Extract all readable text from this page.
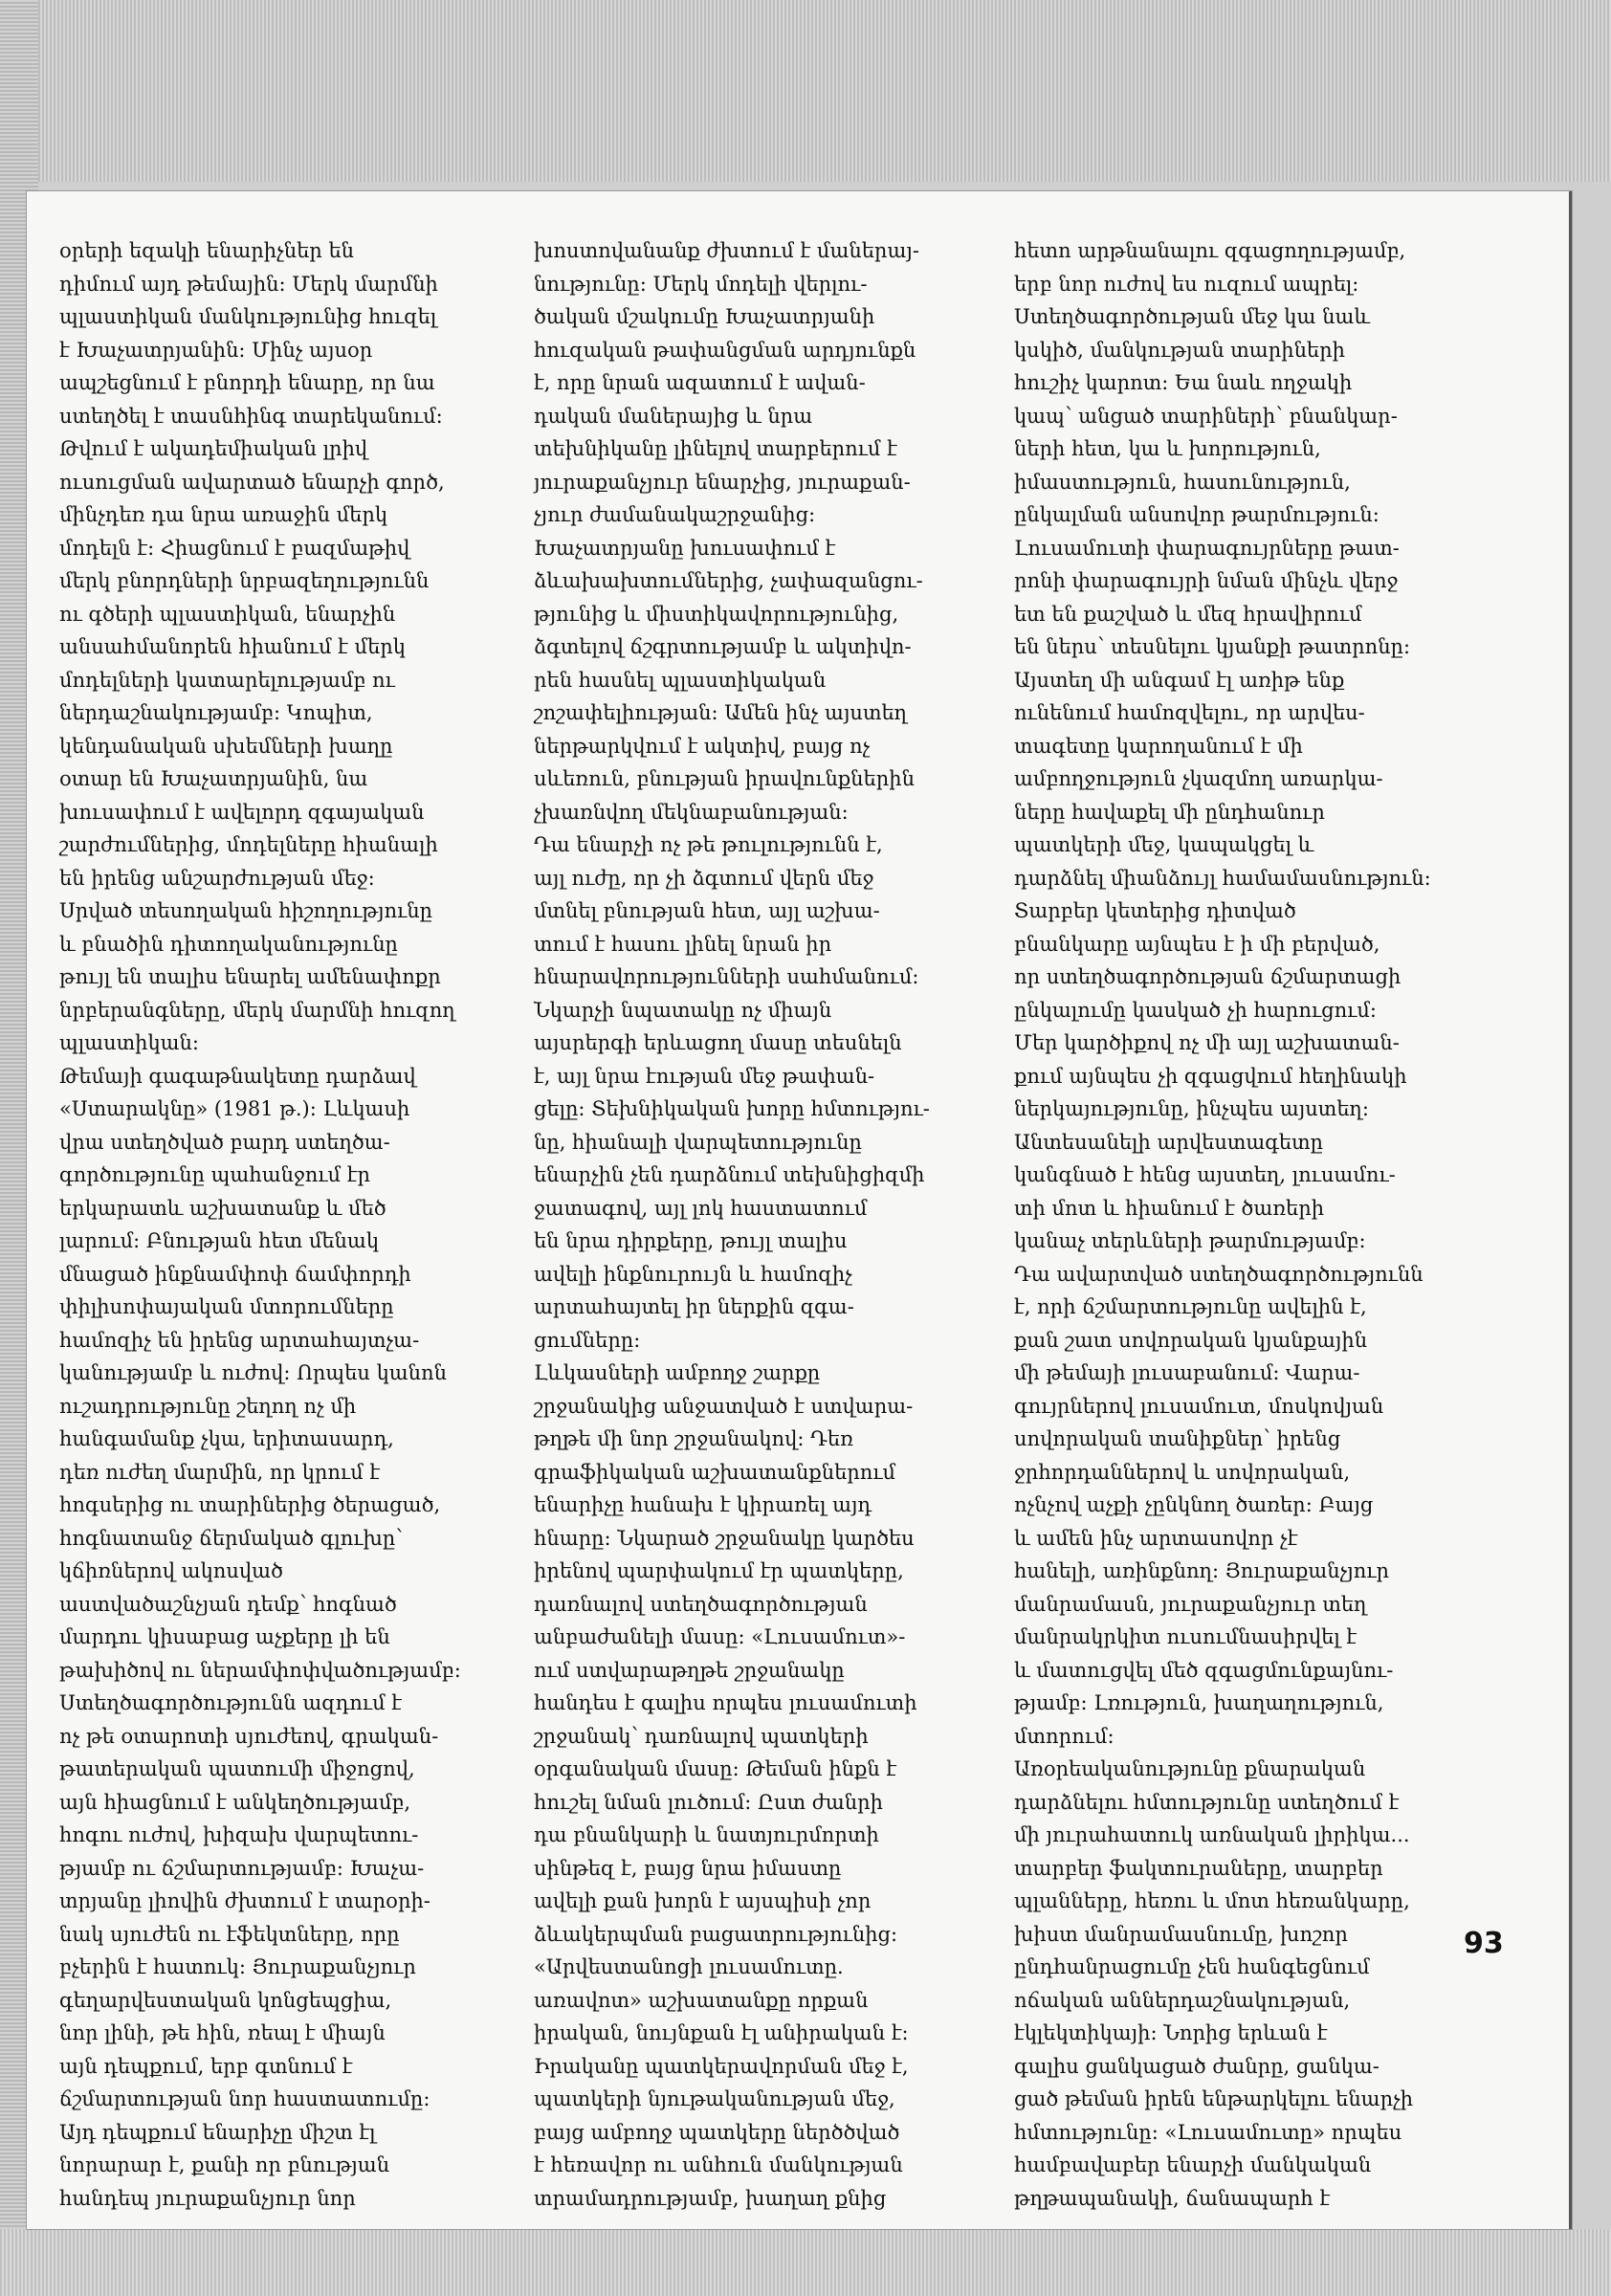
օրերի եզակի ենարիչներ են

դիմում այդ թեմային: Մերկ մարմնի

պլաստիկան մանկությունից հուզել

է Խաչատրյանին: Մինչ այսօր

ապշեցնում է բնորդի ենարը, որ նա

ստեղծել է տասնհինգ տարեկանում:

Թվում է ակադեմիական լրիվ

ուսուցման ավարտած ենարչի գործ,

մինչդեռ դա նրա առաջին մերկ

մոդելն է: Հիացնում է բազմաթիվ

մերկ բնորդների նրբազեղությունն

ու գծերի պլաստիկան, ենարչին

անսահմանորեն հիանում է մերկ

մոդելների կատարելությամբ ու

ներդաշնակությամբ: Կոպիտ,

կենդանական սխեմների խաղը

օտար են Խաչատրյանին, նա

խուսափում է ավելորդ զգայական

շարժումներից, մոդելները հիանալի

են իրենց անշարժության մեջ:

Սրված տեսողական հիշողությունը

և բնածին դիտողականությունը

թույլ են տալիս ենարել ամենափոքր

նրբերանգները, մերկ մարմնի հուզող

պլաստիկան:

Թեմայի գագաթնակետը դարձավ

«Ստարակնը» (1981 թ.): Լևկասի

վրա ստեղծված բարդ ստեղծա-

գործությունը պահանջում էր

երկարատև աշխատանք և մեծ

լարում: Բնության հետ մենակ

մնացած ինքնամփոփ ճամփորդի

փիլիսոփայական մտորումները

համոզիչ են իրենց արտահայտչա-

կանությամբ և ուժով: Որպես կանոն

ուշադրությունը շեղող ոչ մի

հանգամանք չկա, երիտասարդ,

դեռ ուժեղ մարմին, որ կրում է

հոգսերից ու տարիներից ծերացած,

հոգնատանջ ճերմակած գլուխը՝

կճիռներով ակոսված

աստվածաշնչյան դեմք՝ հոգնած

մարդու կիսաբաց աչքերը լի են

թախիծով ու ներամփոփվածությամբ:

Ստեղծագործությունն ազդում է

ոչ թե օտարոտի սյուժեով, գրական-

թատերական պատումի միջոցով,

այն հիացնում է անկեղծությամբ,

հոգու ուժով, խիզախ վարպետու-

թյամբ ու ճշմարտությամբ: Խաչա-

տրյանը լիովին ժխտում է տարօրի-

նակ սյուժեն ու էֆեկտները, որը

բչերին է հատուկ: Յուրաքանչյուր

գեղարվեստական կոնցեպցիա,

նոր լինի, թե հին, ռեալ է միայն

այն դեպքում, երբ գտնում է

ճշմարտության նոր հաստատումը:

Այդ դեպքում ենարիչը միշտ էլ

նորարար է, քանի որ բնության

հանդեպ յուրաքանչյուր նոր

խոստովանանք ժխտում է մաներայ-

նությունը: Մերկ մոդելի վերլու-

ծական մշակումը Խաչատրյանի

հուզական թափանցման արդյունքն

է, որը նրան ազատում է ավան-

դական մաներայից և նրա

տեխնիկանը լինելով տարբերում է

յուրաքանչյուր ենարչից, յուրաքան-

չյուր ժամանակաշրջանից:

Խաչատրյանը խուսափում է

ձևախախտումներից, չափազանցու-

թյունից և միստիկավորությունից,

ձգտելով ճշգրտությամբ և ակտիվո-

րեն հասնել պլաստիկական

շոշափելիության: Ամեն ինչ այստեղ

ներթարկվում է ակտիվ, բայց ոչ

սևեռուն, բնության իրավունքներին

չխառնվող մեկնաբանության:

Դա ենարչի ոչ թե թուլությունն է,

այլ ուժը, որ չի ձգտում վերն մեջ

մտնել բնության հետ, այլ աշխա-

տում է հասու լինել նրան իր

հնարավորությունների սահմանում:

Նկարչի նպատակը ոչ միայն

այսրերգի երևացող մասը տեսնելն

է, այլ նրա էության մեջ թափան-

ցելը: Տեխնիկական խորը հմտությու-

նը, հիանալի վարպետությունը

ենարչին չեն դարձնում տեխնիցիզմի

ջատագով, այլ լոկ հաստատում

են նրա դիրքերը, թույլ տալիս

ավելի ինքնուրույն և համոզիչ

արտահայտել իր ներքին զգա-

ցումները:

Լևկասների ամբողջ շարքը

շրջանակից անջատված է ստվարա-

թղթե մի նոր շրջանակով: Դեռ

գրաֆիկական աշխատանքներում

ենարիչը հանախ է կիրառել այդ

հնարը: Նկարած շրջանակը կարծես

իրենով պարփակում էր պատկերը,

դառնալով ստեղծագործության

անբաժանելի մասը: «Լուսամուտ»-

ում ստվարաթղթե շրջանակը

հանդես է գալիս որպես լուսամուտի

շրջանակ՝ դառնալով պատկերի

օրգանական մասը: Թեման ինքն է

հուշել նման լուծում: Ըստ ժանրի

դա բնանկարի և նատյուրմորտի

սինթեզ է, բայց նրա իմաստը

ավելի քան խորն է այսպիսի չոր

ձևակերպման բացատրությունից:

«Արվեստանոցի լուսամուտը.

առավոտ» աշխատանքը որքան

իրական, նույնքան էլ անիրական է:

Իրականը պատկերավորման մեջ է,

պատկերի նյութականության մեջ,

բայց ամբողջ պատկերը ներծծված

է հեռավոր ու անհուն մանկության

տրամադրությամբ, խաղաղ քնից

հետո արթնանալու զգացողությամբ,

երբ նոր ուժով ես ուզում ապրել:

Ստեղծագործության մեջ կա նաև

կսկիծ, մանկության տարիների

հուշիչ կարոտ: Եա նաև ողջակի

կապ՝ անցած տարիների՝ բնանկար-

ների հետ, կա և խորություն,

իմաստություն, հասունություն,

ընկալման անսովոր թարմություն:

Լուսամուտի փարագույրները թատ-

րոնի փարագույրի նման մինչև վերջ

ետ են քաշված և մեզ հրավիրում

են ներս՝ տեսնելու կյանքի թատրոնը:

Այստեղ մի անգամ էլ առիթ ենք

ունենում համոզվելու, որ արվես-

տագետը կարողանում է մի

ամբողջություն չկազմող առարկա-

ները հավաքել մի ընդհանուր

պատկերի մեջ, կապակցել և

դարձնել միանձույլ համամասնություն:

Տարբեր կետերից դիտված

բնանկարը այնպես է ի մի բերված,

որ ստեղծագործության ճշմարտացի

ընկալումը կասկած չի հարուցում:

Մեր կարծիքով ոչ մի այլ աշխատան-

քում այնպես չի զգացվում հեղինակի

ներկայությունը, ինչպես այստեղ:

Անտեսանելի արվեստագետը

կանգնած է հենց այստեղ, լուսամու-

տի մոտ և հիանում է ծառերի

կանաչ տերևների թարմությամբ:

Դա ավարտված ստեղծագործությունն

է, որի ճշմարտությունը ավելին է,

քան շատ սովորական կյանքային

մի թեմայի լուսաբանում: Վարա-

գույրներով լուսամուտ, մոսկովյան

սովորական տանիքներ՝ իրենց

ջրհորդաններով և սովորական,

ոչնչով աչքի չընկնող ծառեր: Բայց

և ամեն ինչ արտասովոր չէ

հանելի, առինքնող: Յուրաքանչյուր

մանրամասն, յուրաքանչյուր տեղ

մանրակրկիտ ուսումնասիրվել է

և մատուցվել մեծ զգացմունքայնու-

թյամբ: Լռություն, խաղաղություն,

մտորում:

Առօրեականությունը քնարական

դարձնելու հմտությունը ստեղծում է

մի յուրահատուկ առնական լիրիկա...

տարբեր ֆակտուրաները, տարբեր

պլանները, հեռու և մոտ հեռանկարը,

խիստ մանրամասնումը, խոշոր

ընդհանրացումը չեն հանգեցնում

ոճական աններդաշնակության,

էկլեկտիկայի: Նորից երևան է

գալիս ցանկացած ժանրը, ցանկա-

ցած թեման իրեն ենթարկելու ենարչի

հմտությունը: «Լուսամուտը» որպես

համբավաբեր ենարչի մանկական

թղթապանակի, ճանապարհ է

93
